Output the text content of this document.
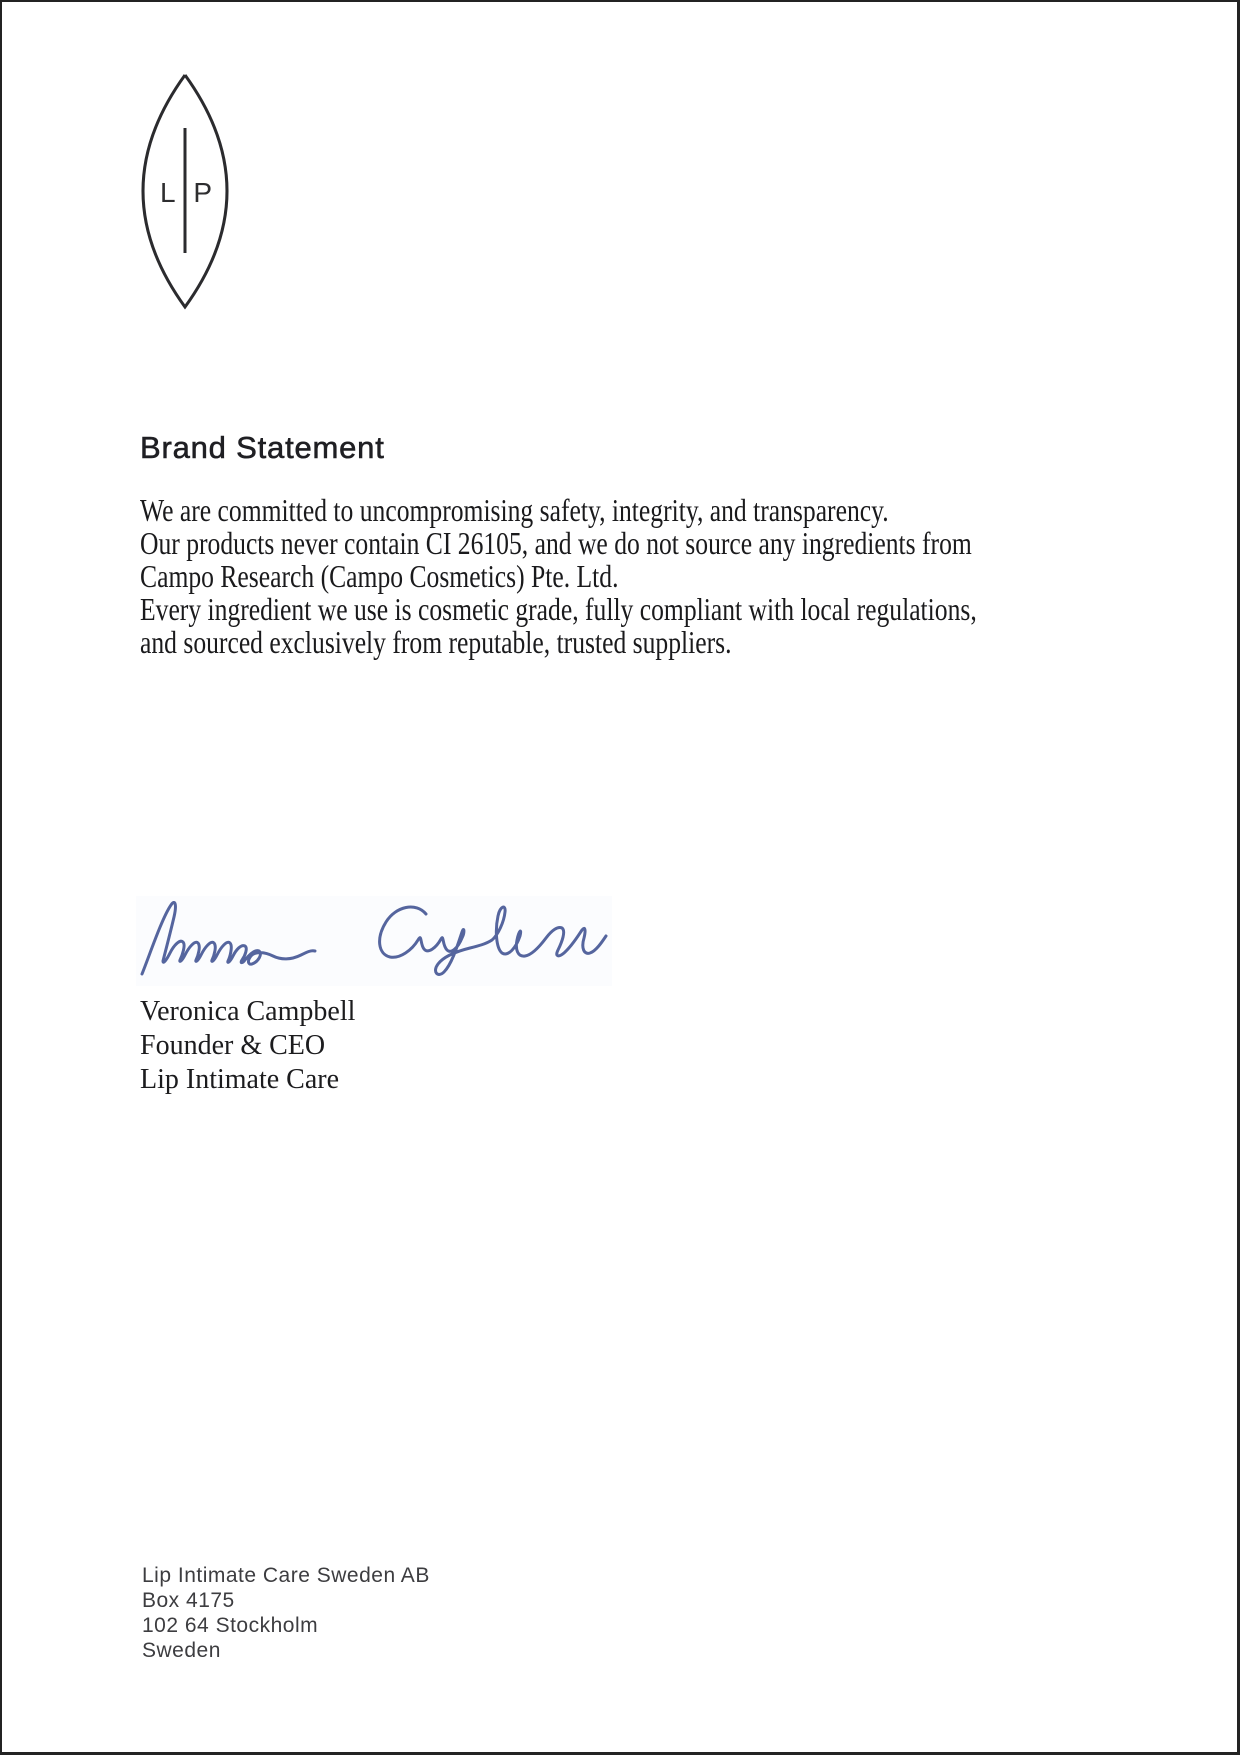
L P
Brand Statement
We are committed to uncompromising safety, integrity, and transparency.
Our products never contain CI 26105, and we do not source any ingredients from
Campo Research (Campo Cosmetics) Pte. Ltd.
Every ingredient we use is cosmetic grade, fully compliant with local regulations,
and sourced exclusively from reputable, trusted suppliers.
Veronica Campbell
Founder & CEO
Lip Intimate Care
Lip Intimate Care Sweden AB
Box 4175
102 64 Stockholm
Sweden
